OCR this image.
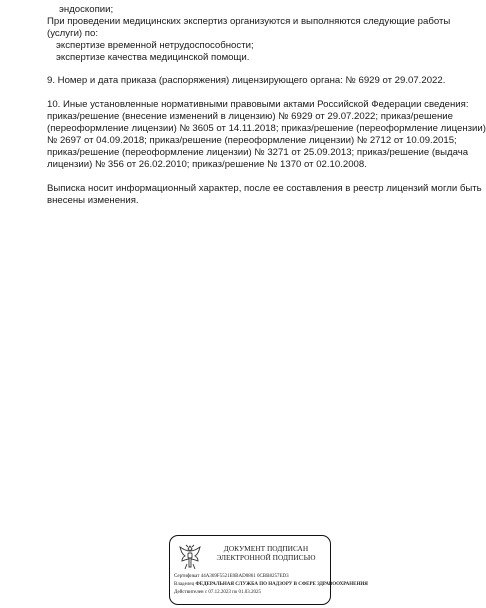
эндоскопии;
При проведении медицинских экспертиз организуются и выполняются следующие работы
(услуги) по:
экспертизе временной нетрудоспособности;
экспертизе качества медицинской помощи.
9. Номер и дата приказа (распоряжения) лицензирующего органа: № 6929 от 29.07.2022.
10. Иные установленные нормативными правовыми актами Российской Федерации сведения:
приказ/решение (внесение изменений в лицензию) № 6929 от 29.07.2022; приказ/решение
(переоформление лицензии) № 3605 от 14.11.2018; приказ/решение (переоформление лицензии)
№ 2697 от 04.09.2018; приказ/решение (переоформление лицензии) № 2712 от 10.09.2015;
приказ/решение (переоформление лицензии) № 3271 от 25.09.2013; приказ/решение (выдача
лицензии) № 356 от 26.02.2010; приказ/решение № 1370 от 02.10.2008.
Выписка носит информационный характер, после ее составления в реестр лицензий могли быть
внесены изменения.
ДОКУМЕНТ ПОДПИСАН
ЭЛЕКТРОННОЙ ПОДПИСЬЮ
Сертификат 44A369F5521E0BAD0861 0CBB8257ED3
Владелец ФЕДЕРАЛЬНАЯ СЛУЖБА ПО НАДЗОРУ В СФЕРЕ ЗДРАВООХРАНЕНИЯ
Действителен с 07.12.2023 по 01.03.2025
